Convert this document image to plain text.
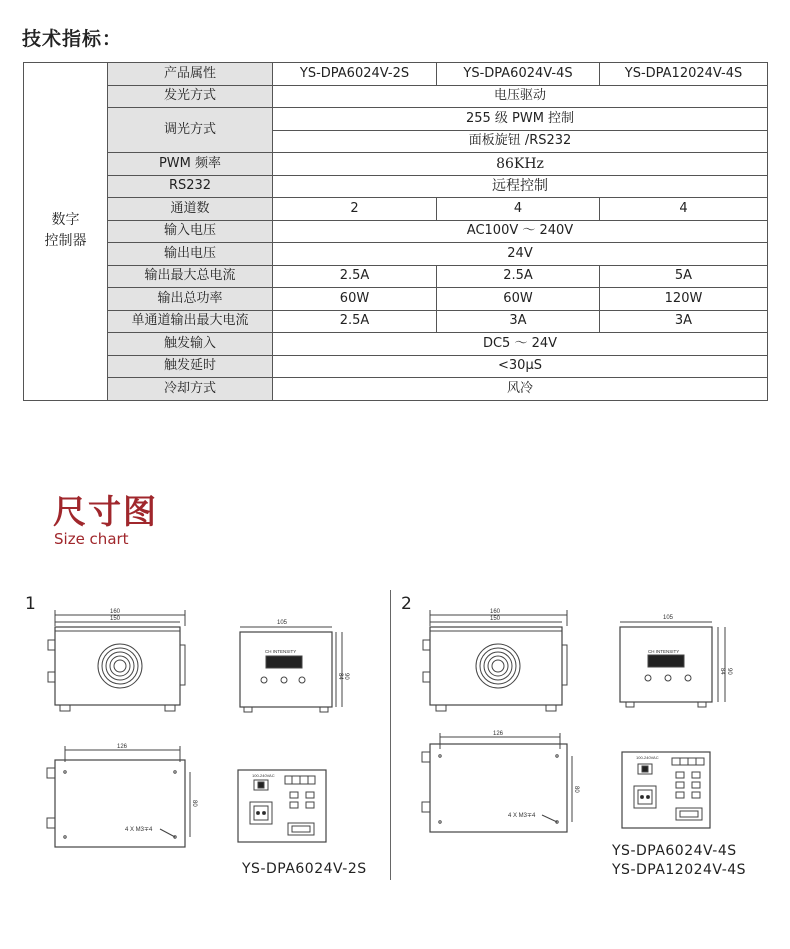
技术指标：
数字
控制器	产品属性	YS-DPA6024V-2S	YS-DPA6024V-4S	YS-DPA12024V-4S
	发光方式	电压驱动		
	调光方式	255 级 PWM 控制		
		面板旋钮 /RS232		
	PWM 频率	86KHz		
	RS232	远程控制		
	通道数	2	4	4
	输入电压	AC100V ～ 240V		
	输出电压	24V		
	输出最大总电流	2.5A	2.5A	5A
	输出总功率	60W	60W	120W
	单通道输出最大电流	2.5A	3A	3A
	触发输入	DC5 ～ 24V		
	触发延时	<30μS		
	冷却方式	风冷		
尺寸图
Size chart
1	2
160
150
105
84 90
CH INTENSITY
126
80
4 X M3∓4
100-240VAC
160
150	105
84 90
CH INTENSITY
126
80
4 X M3∓4
100-240VAC
YS-DPA6024V-2S
YS-DPA6024V-4S
YS-DPA12024V-4S
